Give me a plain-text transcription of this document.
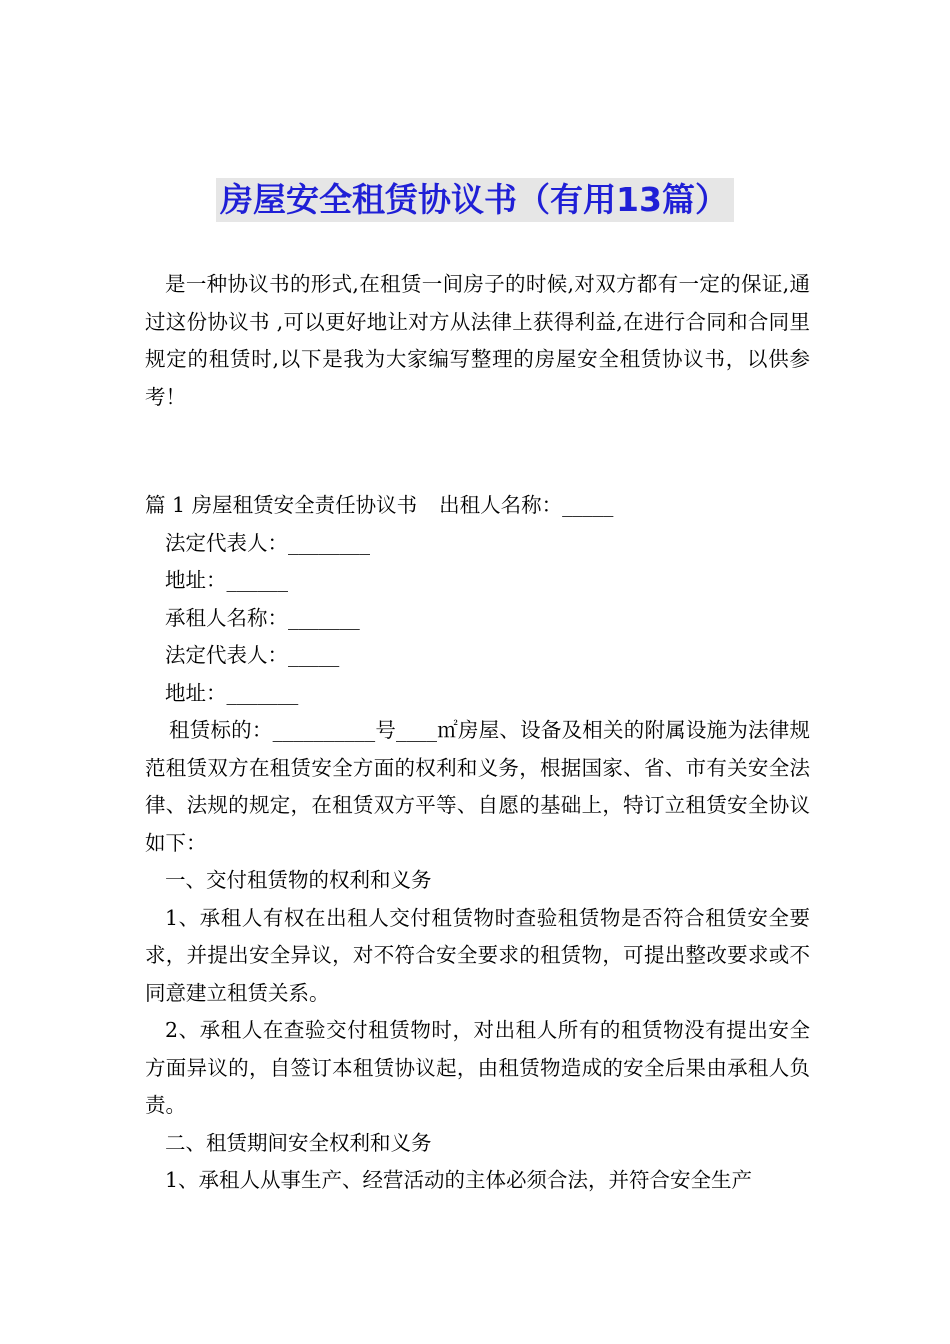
房屋安全租赁协议书（有用13篇）
是一种协议书的形式,在租赁一间房子的时候,对双方都有一定的保证,通过这份协议书 ,可以更好地让对方从法律上获得利益,在进行合同和合同里规定的租赁时,以下是我为大家编写整理的房屋安全租赁协议书，以供参考！

篇 1 房屋租赁安全责任协议书 出租人名称：_____

法定代表人：________

地址：______

承租人名称：_______

法定代表人：_____

地址：_______

租赁标的：__________号____㎡房屋、设备及相关的附属设施为法律规范租赁双方在租赁安全方面的权利和义务，根据国家、省、市有关安全法律、法规的规定，在租赁双方平等、自愿的基础上，特订立租赁安全协议如下：

一、交付租赁物的权利和义务

1、承租人有权在出租人交付租赁物时查验租赁物是否符合租赁安全要求，并提出安全异议，对不符合安全要求的租赁物，可提出整改要求或不同意建立租赁关系。

2、承租人在查验交付租赁物时，对出租人所有的租赁物没有提出安全方面异议的，自签订本租赁协议起，由租赁物造成的安全后果由承租人负责。

二、租赁期间安全权利和义务

1、承租人从事生产、经营活动的主体必须合法，并符合安全生产
